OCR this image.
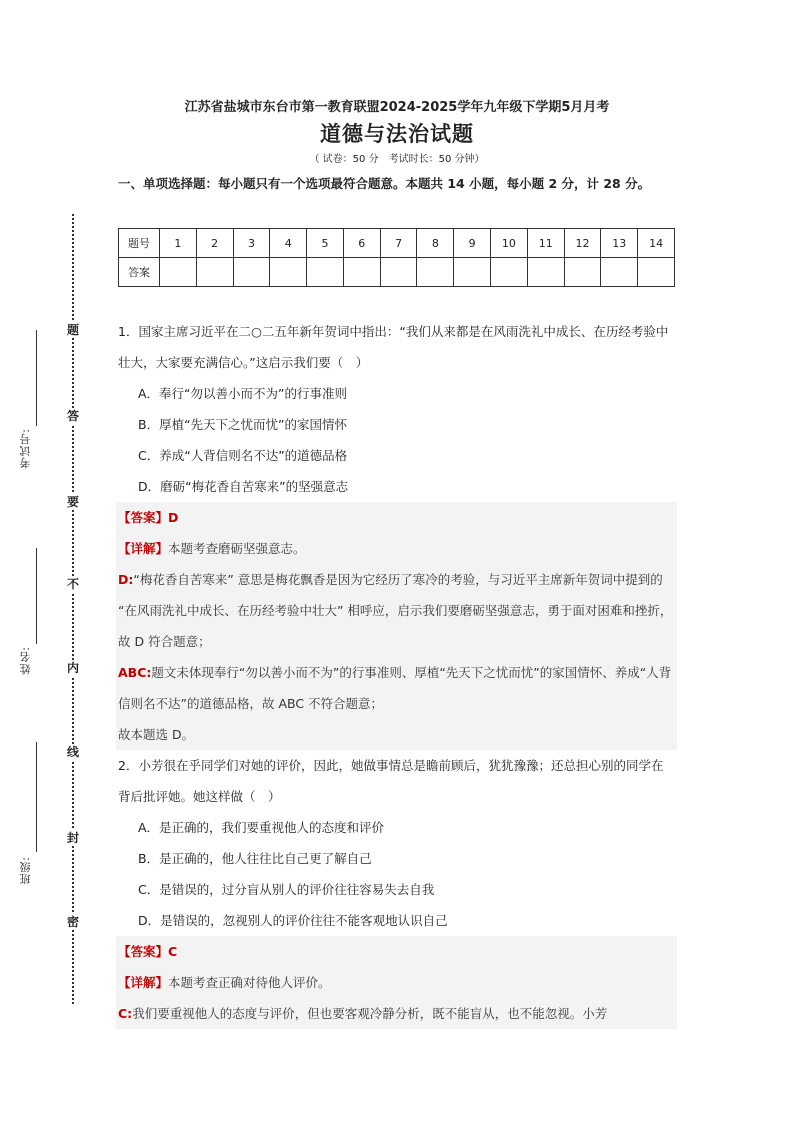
考试号:
姓名:
班级:
题
答
要
不
内
线
封
密
江苏省盐城市东台市第一教育联盟2024-2025学年九年级下学期5月月考
道德与法治试题
（ 试卷：50 分　考试时长：50 分钟）
一、单项选择题：每小题只有一个选项最符合题意。本题共 14 小题，每小题 2 分，计 28 分。
题号	1	2	3	4	5	6	7	8	9	10	11	12	13	14
答案														
1．国家主席习近平在二○二五年新年贺词中指出：“我们从来都是在风雨洗礼中成长、在历经考验中壮大，大家要充满信心。”这启示我们要（　）
A．奉行“勿以善小而不为”的行事准则
B．厚植“先天下之忧而忧”的家国情怀
C．养成“人背信则名不达”的道德品格
D．磨砺“梅花香自苦寒来”的坚强意志

【答案】D

【详解】本题考查磨砺坚强意志。

D:“梅花香自苦寒来” 意思是梅花飘香是因为它经历了寒冷的考验，与习近平主席新年贺词中提到的 “在风雨洗礼中成长、在历经考验中壮大” 相呼应，启示我们要磨砺坚强意志，勇于面对困难和挫折，故 D 符合题意；

ABC:题文未体现奉行“勿以善小而不为”的行事准则、厚植“先天下之忧而忧”的家国情怀、养成“人背信则名不达”的道德品格，故 ABC 不符合题意；

故本题选 D。

2．小芳很在乎同学们对她的评价，因此，她做事情总是瞻前顾后，犹犹豫豫；还总担心别的同学在背后批评她。她这样做（　）
A．是正确的，我们要重视他人的态度和评价
B．是正确的，他人往往比自己更了解自己
C．是错误的，过分盲从别人的评价往往容易失去自我
D．是错误的，忽视别人的评价往往不能客观地认识自己

【答案】C

【详解】本题考查正确对待他人评价。

C:我们要重视他人的态度与评价，但也要客观冷静分析，既不能盲从，也不能忽视。小芳
